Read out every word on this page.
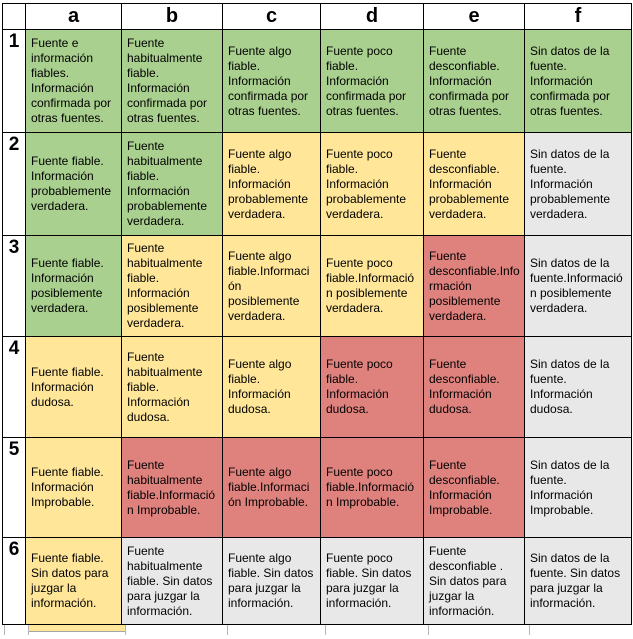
	a	b	c	d	e	f
1	Fuente e información fiables. Información confirmada por otras fuentes.	Fuente habitualmente fiable. Información confirmada por otras fuentes.	Fuente algo fiable. Información confirmada por otras fuentes.	Fuente poco fiable. Información confirmada por otras fuentes.	Fuente desconfiable. Información confirmada por otras fuentes.	Sin datos de la fuente. Información confirmada por otras fuentes.
2	Fuente fiable. Información probablemente verdadera.	Fuente habitualmente fiable. Información probablemente verdadera.	Fuente algo fiable. Información probablemente verdadera.	Fuente poco fiable. Información probablemente verdadera.	Fuente desconfiable. Información probablemente verdadera.	Sin datos de la fuente. Información probablemente verdadera.
3	Fuente fiable. Información posiblemente verdadera.	Fuente habitualmente fiable. Información posiblemente verdadera.	Fuente algo fiable.Información posiblemente verdadera.	Fuente poco fiable.Información posiblemente verdadera.	Fuente desconfiable.Información posiblemente verdadera.	Sin datos de la fuente.Información posiblemente verdadera.
4	Fuente fiable. Información dudosa.	Fuente habitualmente fiable. Información dudosa.	Fuente algo fiable. Información dudosa.	Fuente poco fiable. Información dudosa.	Fuente desconfiable. Información dudosa.	Sin datos de la fuente. Información dudosa.
5	Fuente fiable. Información Improbable.	Fuente habitualmente fiable.Información Improbable.	Fuente algo fiable.Información Improbable.	Fuente poco fiable.Información Improbable.	Fuente desconfiable. Información Improbable.	Sin datos de la fuente. Información Improbable.
6	Fuente fiable. Sin datos para juzgar la información.	Fuente habitualmente fiable. Sin datos para juzgar la información.	Fuente algo fiable. Sin datos para juzgar la información.	Fuente poco fiable. Sin datos para juzgar la información.	Fuente desconfiable . Sin datos para juzgar la información.	Sin datos de la fuente. Sin datos para juzgar la información.
